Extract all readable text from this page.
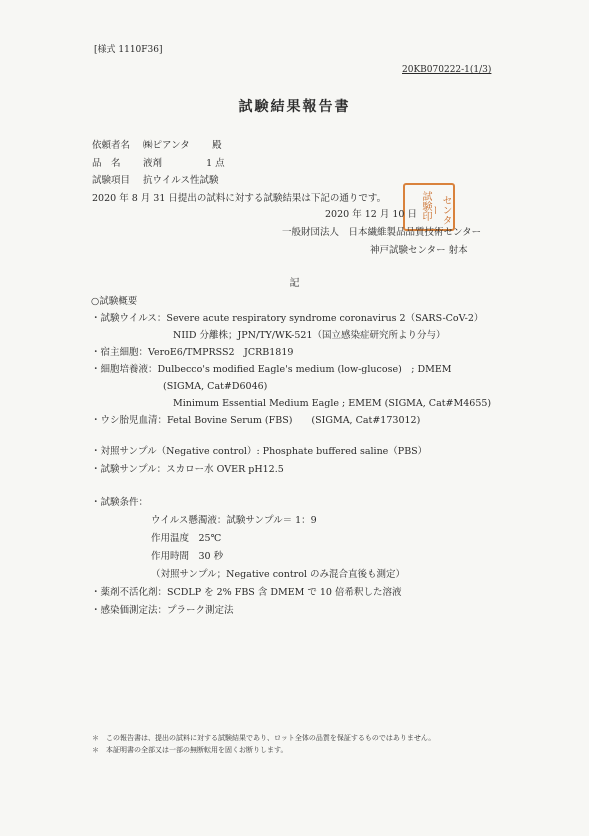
[様式 1110F36]
20KB070222-1(1/3)
試験結果報告書
依頼者名 ㈱ピアンタ 殿
品　名 液剤	1 点
試験項目 抗ウイルス性試験
2020 年 8 月 31 日提出の試料に対する試験結果は下記の通りです。	試験印 センター
2020 年 12 月 10 日
一般財団法人　日本繊維製品品質技術センター
神戸試験センター 射本
記
○試験概要
・試験ウイルス：Severe acute respiratory syndrome coronavirus 2（SARS-CoV-2）
NIID 分離株；JPN/TY/WK-521（国立感染症研究所より分与）
・宿主細胞：VeroE6/TMPRSS2　JCRB1819
・細胞培養液：Dulbecco's modified Eagle's medium (low-glucose)　; DMEM
(SIGMA, Cat#D6046)
Minimum Essential Medium Eagle ; EMEM (SIGMA, Cat#M4655)
・ウシ胎児血清：Fetal Bovine Serum (FBS)　　(SIGMA, Cat#173012)
・対照サンプル（Negative control）: Phosphate buffered saline（PBS）
・試験サンプル：スカロー水 OVER pH12.5
・試験条件：
ウイルス懸濁液：試験サンプル＝ 1：9
作用温度　25℃
作用時間　30 秒
（対照サンプル；Negative control のみ混合直後も測定）
・薬剤不活化剤：SCDLP を 2% FBS 含 DMEM で 10 倍希釈した溶液
・感染価測定法：プラーク測定法
＊　この報告書は、提出の試料に対する試験結果であり、ロット全体の品質を保証するものではありません。
＊　本証明書の全部又は一部の無断転用を固くお断りします。
